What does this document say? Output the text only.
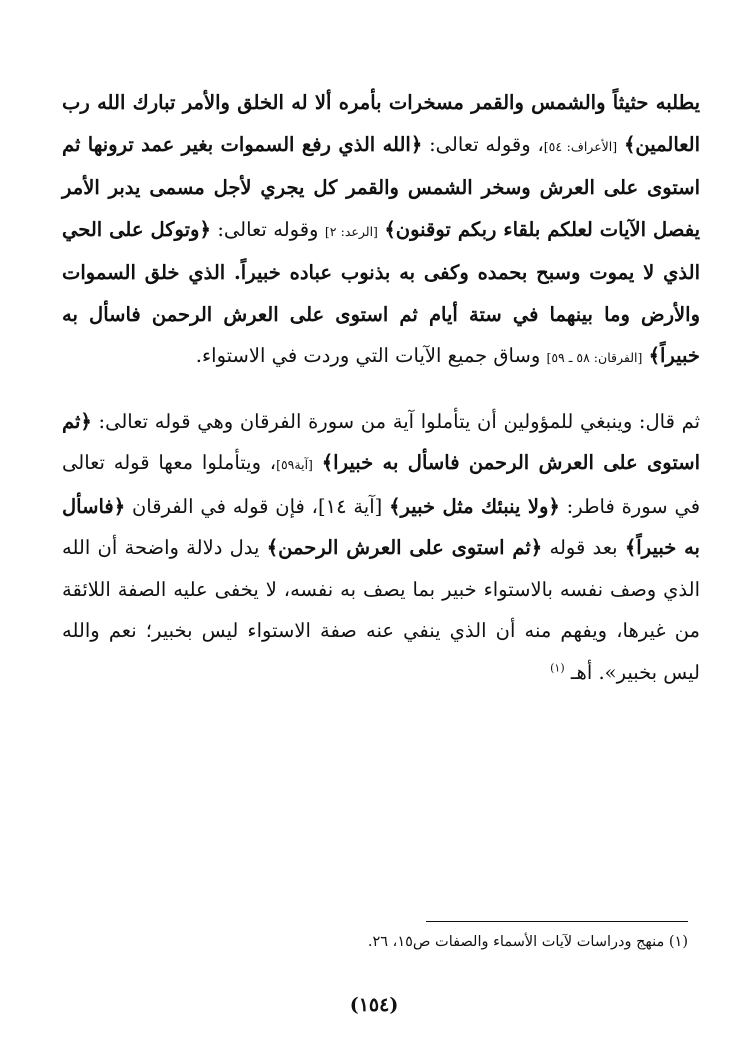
يطلبه حثيثاً والشمس والقمر مسخرات بأمره ألا له الخلق والأمر تبارك الله رب العالمين﴾ [الأعراف: ٥٤]، وقوله تعالى: ﴿الله الذي رفع السموات بغير عمد ترونها ثم استوى على العرش وسخر الشمس والقمر كل يجري لأجل مسمى يدبر الأمر يفصل الآيات لعلكم بلقاء ربكم توقنون﴾ [الرعد: ٢] وقوله تعالى: ﴿وتوكل على الحي الذي لا يموت وسبح بحمده وكفى به بذنوب عباده خبيراً. الذي خلق السموات والأرض وما بينهما في ستة أيام ثم استوى على العرش الرحمن فاسأل به خبيراً﴾ [الفرقان: ٥٨ ـ ٥٩] وساق جميع الآيات التي وردت في الاستواء.

ثم قال: وينبغي للمؤولين أن يتأملوا آية من سورة الفرقان وهي قوله تعالى: ﴿ثم استوى على العرش الرحمن فاسأل به خبيرا﴾ [آية٥٩]، ويتأملوا معها قوله تعالى في سورة فاطر: ﴿ولا ينبئك مثل خبير﴾ [آية ١٤]، فإن قوله في الفرقان ﴿فاسأل به خبيراً﴾ بعد قوله ﴿ثم استوى على العرش الرحمن﴾ يدل دلالة واضحة أن الله الذي وصف نفسه بالاستواء خبير بما يصف به نفسه، لا يخفى عليه الصفة اللائقة من غيرها، ويفهم منه أن الذي ينفي عنه صفة الاستواء ليس بخبير؛ نعم والله ليس بخبير». أهـ $^{(١)}$

(١) منهج ودراسات لآيات الأسماء والصفات ص١٥، ٢٦.
(١٥٤)
